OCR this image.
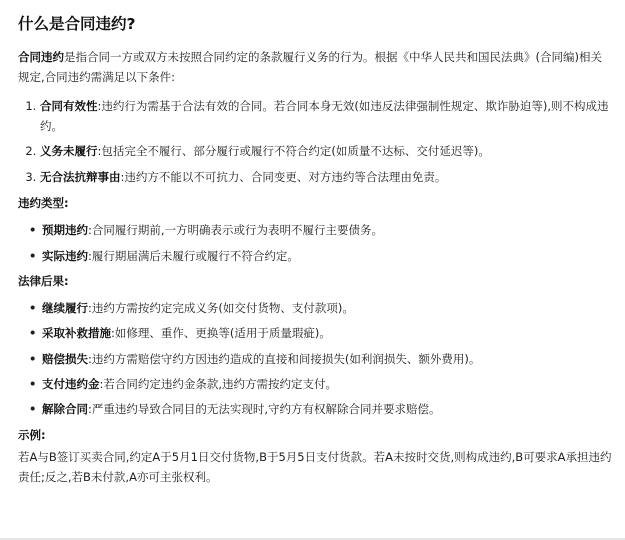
什么是合同违约?

合同违约是指合同一方或双方未按照合同约定的条款履行义务的行为。根据《中华人民共和国民法典》(合同编)相关规定,合同违约需满足以下条件:

1. 合同有效性:违约行为需基于合法有效的合同。若合同本身无效(如违反法律强制性规定、欺诈胁迫等),则不构成违约。
2. 义务未履行:包括完全不履行、部分履行或履行不符合约定(如质量不达标、交付延迟等)。
3. 无合法抗辩事由:违约方不能以不可抗力、合同变更、对方违约等合法理由免责。

违约类型:

• 预期违约:合同履行期前,一方明确表示或行为表明不履行主要债务。
• 实际违约:履行期届满后未履行或履行不符合约定。

法律后果:

• 继续履行:违约方需按约定完成义务(如交付货物、支付款项)。
• 采取补救措施:如修理、重作、更换等(适用于质量瑕疵)。
• 赔偿损失:违约方需赔偿守约方因违约造成的直接和间接损失(如利润损失、额外费用)。
• 支付违约金:若合同约定违约金条款,违约方需按约定支付。
• 解除合同:严重违约导致合同目的无法实现时,守约方有权解除合同并要求赔偿。

示例:

若A与B签订买卖合同,约定A于5月1日交付货物,B于5月5日支付货款。若A未按时交货,则构成违约,B可要求A承担违约责任;反之,若B未付款,A亦可主张权利。
